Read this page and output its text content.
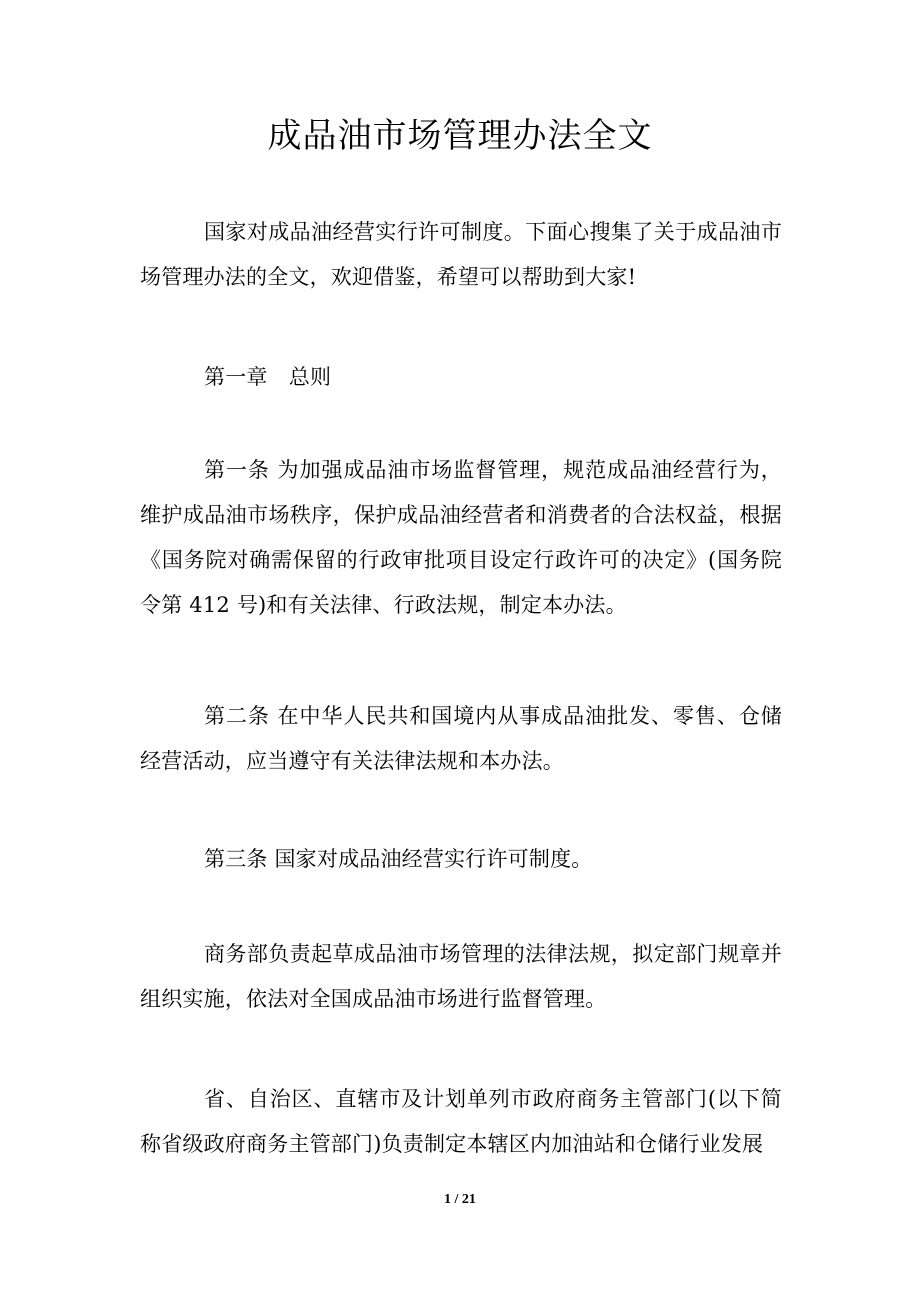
成品油市场管理办法全文

国家对成品油经营实行许可制度。下面心搜集了关于成品油市场管理办法的全文，欢迎借鉴，希望可以帮助到大家!

第一章　总则

第一条 为加强成品油市场监督管理，规范成品油经营行为，维护成品油市场秩序，保护成品油经营者和消费者的合法权益，根据《国务院对确需保留的行政审批项目设定行政许可的决定》(国务院令第 412 号)和有关法律、行政法规，制定本办法。

第二条 在中华人民共和国境内从事成品油批发、零售、仓储经营活动，应当遵守有关法律法规和本办法。

第三条 国家对成品油经营实行许可制度。

商务部负责起草成品油市场管理的法律法规，拟定部门规章并组织实施，依法对全国成品油市场进行监督管理。

省、自治区、直辖市及计划单列市政府商务主管部门(以下简称省级政府商务主管部门)负责制定本辖区内加油站和仓储行业发展

1 / 21
